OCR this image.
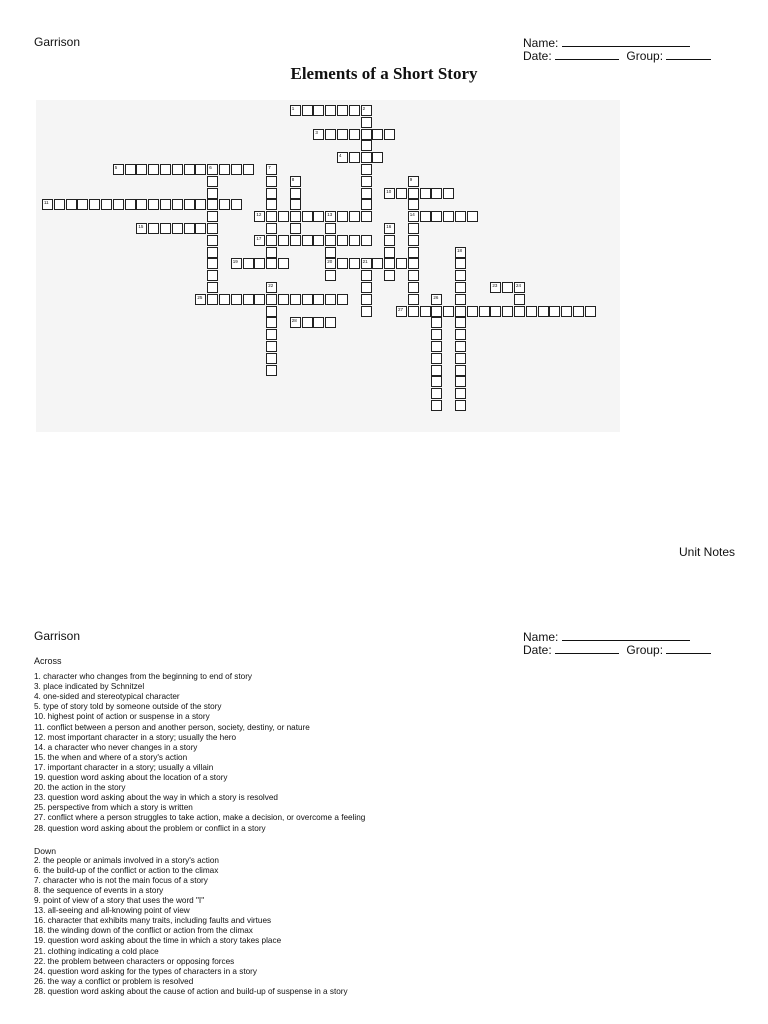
Garrison	Name:
Date:	Group:
Elements of a Short Story
1	2
3
4
5	6	7
8	9
14
10
11
12	13
20
15	16
17
18
19	21
22	23	24
25	26
27
28
Unit Notes
Garrison	Name:
Date:	Group:
Across
1. character who changes from the beginning to end of story
3. place indicated by Schnitzel
4. one-sided and stereotypical character
5. type of story told by someone outside of the story
10. highest point of action or suspense in a story
11. conflict between a person and another person, society, destiny, or nature
12. most important character in a story; usually the hero
14. a character who never changes in a story
15. the when and where of a story's action
17. important character in a story; usually a villain
19. question word asking about the location of a story
20. the action in the story
23. question word asking about the way in which a story is resolved
25. perspective from which a story is written
27. conflict where a person struggles to take action, make a decision, or overcome a feeling
28. question word asking about the problem or conflict in a story
Down
2. the people or animals involved in a story's action
6. the build-up of the conflict or action to the climax
7. character who is not the main focus of a story
8. the sequence of events in a story
9. point of view of a story that uses the word "I"
13. all-seeing and all-knowing point of view
16. character that exhibits many traits, including faults and virtues
18. the winding down of the conflict or action from the climax
19. question word asking about the time in which a story takes place
21. clothing indicating a cold place
22. the problem between characters or opposing forces
24. question word asking for the types of characters in a story
26. the way a conflict or problem is resolved
28. question word asking about the cause of action and build-up of suspense in a story
